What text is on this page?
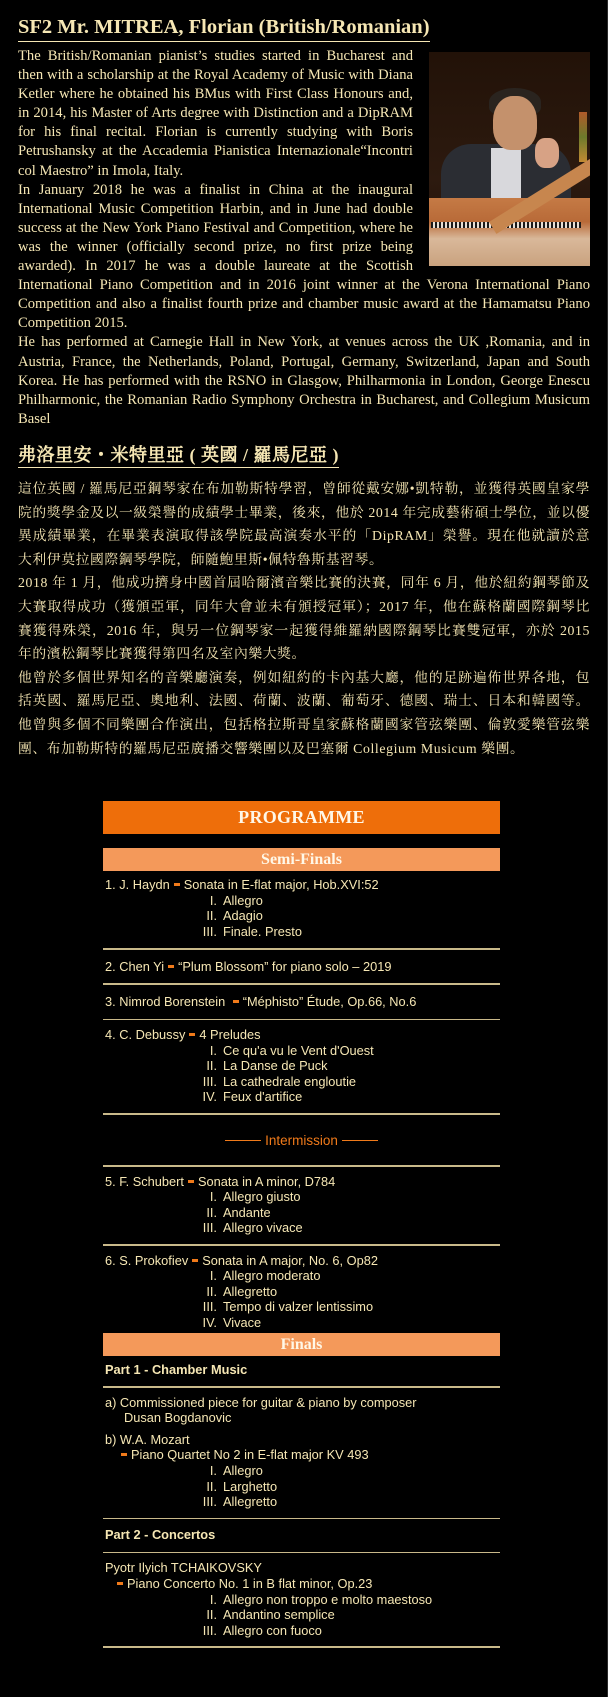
SF2 Mr. MITREA, Florian (British/Romanian)

The British/Romanian pianist’s studies started in Bucharest and then with a scholarship at the Royal Academy of Music with Diana Ketler where he obtained his BMus with First Class Honours and, in 2014, his Master of Arts degree with Distinction and a DipRAM for his final recital. Florian is currently studying with Boris Petrushansky at the Accademia Pianistica Internazionale“Incontri col Maestro” in Imola, Italy.

In January 2018 he was a finalist in China at the inaugural International Music Competition Harbin, and in June had double success at the New York Piano Festival and Competition, where he was the winner (officially second prize, no first prize being awarded). In 2017 he was a double laureate at the Scottish International Piano Competition and in 2016 joint winner at the Verona International Piano Competition and also a finalist fourth prize and chamber music award at the Hamamatsu Piano Competition 2015.

He has performed at Carnegie Hall in New York, at venues across the UK ,Romania, and in Austria, France, the Netherlands, Poland, Portugal, Germany, Switzerland, Japan and South Korea. He has performed with the RSNO in Glasgow, Philharmonia in London, George Enescu Philharmonic, the Romanian Radio Symphony Orchestra in Bucharest, and Collegium Musicum Basel

弗洛里安・米特里亞 ( 英國 / 羅馬尼亞 )

這位英國 / 羅馬尼亞鋼琴家在布加勒斯特學習，曾師從戴安娜•凱特勒，並獲得英國皇家學院的獎學金及以一級榮譽的成績學士畢業，後來，他於 2014 年完成藝術碩士學位，並以優異成績畢業，在畢業表演取得該學院最高演奏水平的「DipRAM」榮譽。現在他就讀於意大利伊莫拉國際鋼琴學院，師隨鮑里斯•佩特魯斯基習琴。

2018 年 1 月，他成功擠身中國首屆哈爾濱音樂比賽的決賽，同年 6 月，他於紐約鋼琴節及大賽取得成功（獲頒亞軍，同年大會並未有頒授冠軍）；2017 年，他在蘇格蘭國際鋼琴比賽獲得殊榮，2016 年，與另一位鋼琴家一起獲得維羅納國際鋼琴比賽雙冠軍，亦於 2015 年的濱松鋼琴比賽獲得第四名及室內樂大獎。

他曾於多個世界知名的音樂廳演奏，例如紐約的卡內基大廳，他的足跡遍佈世界各地，包括英國、羅馬尼亞、奧地利、法國、荷蘭、波蘭、葡萄牙、德國、瑞士、日本和韓國等。他曾與多個不同樂團合作演出，包括格拉斯哥皇家蘇格蘭國家管弦樂團、倫敦愛樂管弦樂團、布加勒斯特的羅馬尼亞廣播交響樂團以及巴塞爾 Collegium Musicum 樂團。

PROGRAMME
Semi-Finals
1. J. Haydn Sonata in E-flat major, Hob.XVI:52
I. Allegro
II. Adagio
III. Finale. Presto
2. Chen Yi “Plum Blossom” for piano solo – 2019
3. Nimrod Borenstein “Méphisto” Étude, Op.66, No.6
4. C. Debussy 4 Preludes
I. Ce qu'a vu le Vent d'Ouest
II. La Danse de Puck
III. La cathedrale engloutie
IV. Feux d'artifice
Intermission
5. F. Schubert Sonata in A minor, D784
I. Allegro giusto
II. Andante
III. Allegro vivace
6. S. Prokofiev Sonata in A major, No. 6, Op82
I. Allegro moderato
II. Allegretto
III. Tempo di valzer lentissimo
IV. Vivace
Finals
Part 1 - Chamber Music
a) Commissioned piece for guitar & piano by composer
Dusan Bogdanovic
b) W.A. Mozart
Piano Quartet No 2 in E-flat major KV 493
I. Allegro
II. Larghetto
III. Allegretto
Part 2 - Concertos
Pyotr Ilyich TCHAIKOVSKY
Piano Concerto No. 1 in B flat minor, Op.23
I. Allegro non troppo e molto maestoso
II. Andantino semplice
III. Allegro con fuoco
